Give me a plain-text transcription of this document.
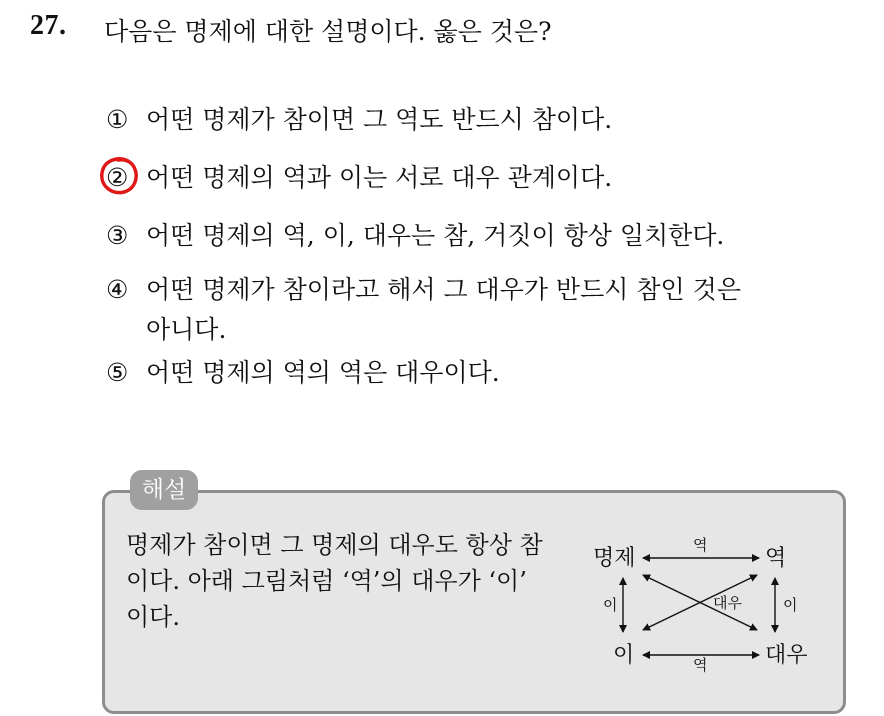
27. 다음은 명제에 대한 설명이다. 옳은 것은?
① 어떤 명제가 참이면 그 역도 반드시 참이다.
② 어떤 명제의 역과 이는 서로 대우 관계이다.
③ 어떤 명제의 역, 이, 대우는 참, 거짓이 항상 일치한다.
④ 어떤 명제가 참이라고 해서 그 대우가 반드시 참인 것은
아니다.
⑤ 어떤 명제의 역의 역은 대우이다.
해설
명제가 참이면 그 명제의 대우도 항상 참
이다. 아래 그림처럼 ‘역’의 대우가 ‘이’
이다.
명제	역
이	대우
역
역
이	이
대우
